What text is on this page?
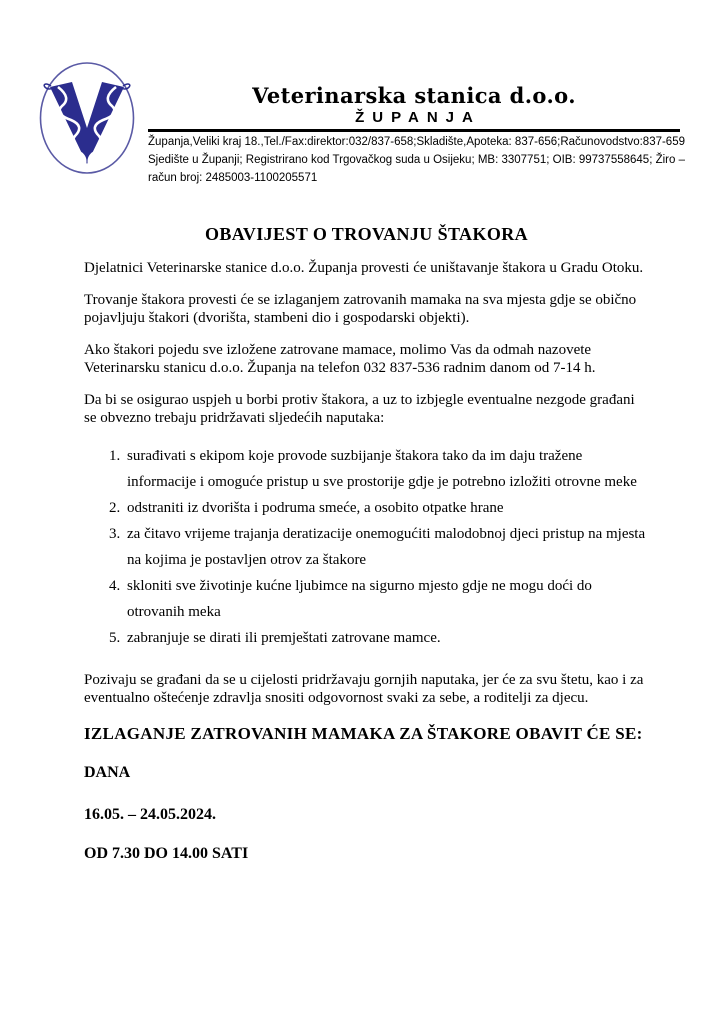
Veterinarska stanica d.o.o.
ŽUPANJA
Županja,Veliki kraj 18.,Tel./Fax:direktor:032/837-658;Skladište,Apoteka: 837-656;Računovodstvo:837-659
Sjedište u Županji; Registrirano kod Trgovačkog suda u Osijeku; MB: 3307751; OIB: 99737558645; Žiro –
račun broj: 2485003-1100205571
OBAVIJEST O TROVANJU ŠTAKORA

Djelatnici Veterinarske stanice d.o.o. Županja provesti će uništavanje štakora u Gradu Otoku.

Trovanje štakora provesti će se izlaganjem zatrovanih mamaka na sva mjesta gdje se obično pojavljuju štakori (dvorišta, stambeni dio i gospodarski objekti).

Ako štakori pojedu sve izložene zatrovane mamace, molimo Vas da odmah nazovete Veterinarsku stanicu d.o.o. Županja na telefon 032 837-536 radnim danom od 7-14 h.

Da bi se osigurao uspjeh u borbi protiv štakora, a uz to izbjegle eventualne nezgode građani se obvezno trebaju pridržavati sljedećih naputaka:

1. surađivati s ekipom koje provode suzbijanje štakora tako da im daju tražene informacije i omoguće pristup u sve prostorije gdje je potrebno izložiti otrovne meke
2. odstraniti iz dvorišta i podruma smeće, a osobito otpatke hrane
3. za čitavo vrijeme trajanja deratizacije onemogućiti malodobnoj djeci pristup na mjesta na kojima je postavljen otrov za štakore
4. skloniti sve životinje kućne ljubimce na sigurno mjesto gdje ne mogu doći do otrovanih meka
5. zabranjuje se dirati ili premještati zatrovane mamce.

Pozivaju se građani da se u cijelosti pridržavaju gornjih naputaka, jer će za svu štetu, kao i za eventualno oštećenje zdravlja snositi odgovornost svaki za sebe, a roditelji za djecu.

IZLAGANJE ZATROVANIH MAMAKA ZA ŠTAKORE OBAVIT ĆE SE:

DANA

16.05. – 24.05.2024.

OD 7.30 DO 14.00 SATI
